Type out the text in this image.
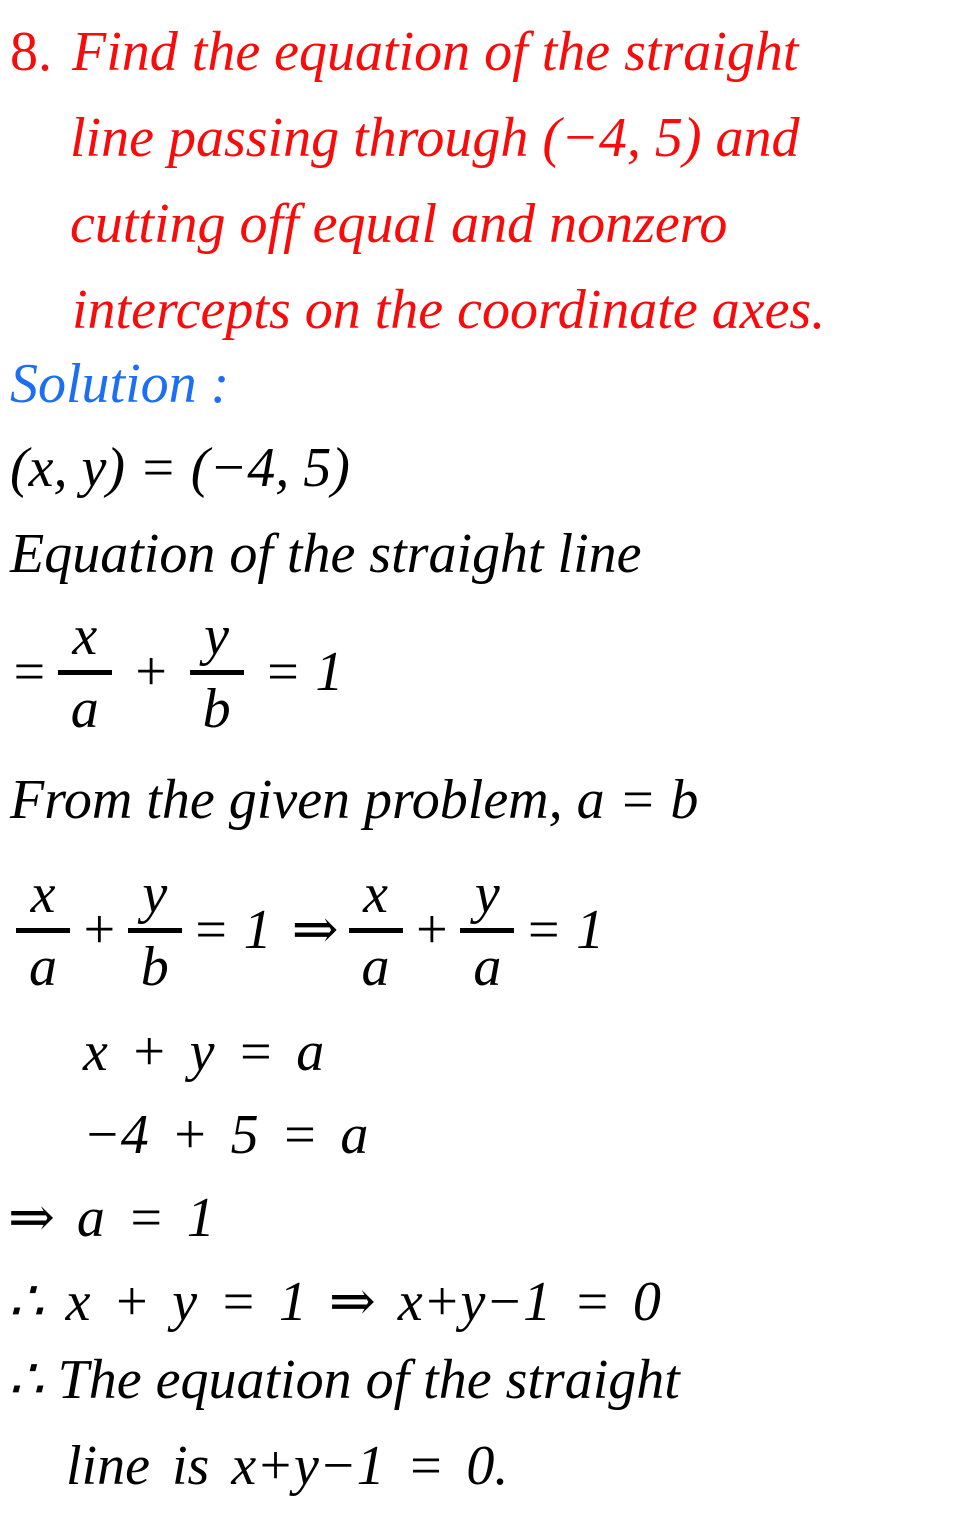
8. Find the equation of the straight
line passing through (−4, 5) and
cutting off equal and nonzero
intercepts on the coordinate axes.
Solution :
(x, y) = (−4, 5)
Equation of the straight line
= $\frac{x}{a} + \frac{y}{b} = 1$
From the given problem, a = b
$\frac{x}{a} + \frac{y}{b} = 1$ ⇒ $\frac{x}{a} + \frac{y}{a} = 1$
x + y = a
−4 + 5 = a
⇒ a = 1
∴ x + y = 1 ⇒ x+y−1 = 0
∴ The equation of the straight
line is x+y−1 = 0.
